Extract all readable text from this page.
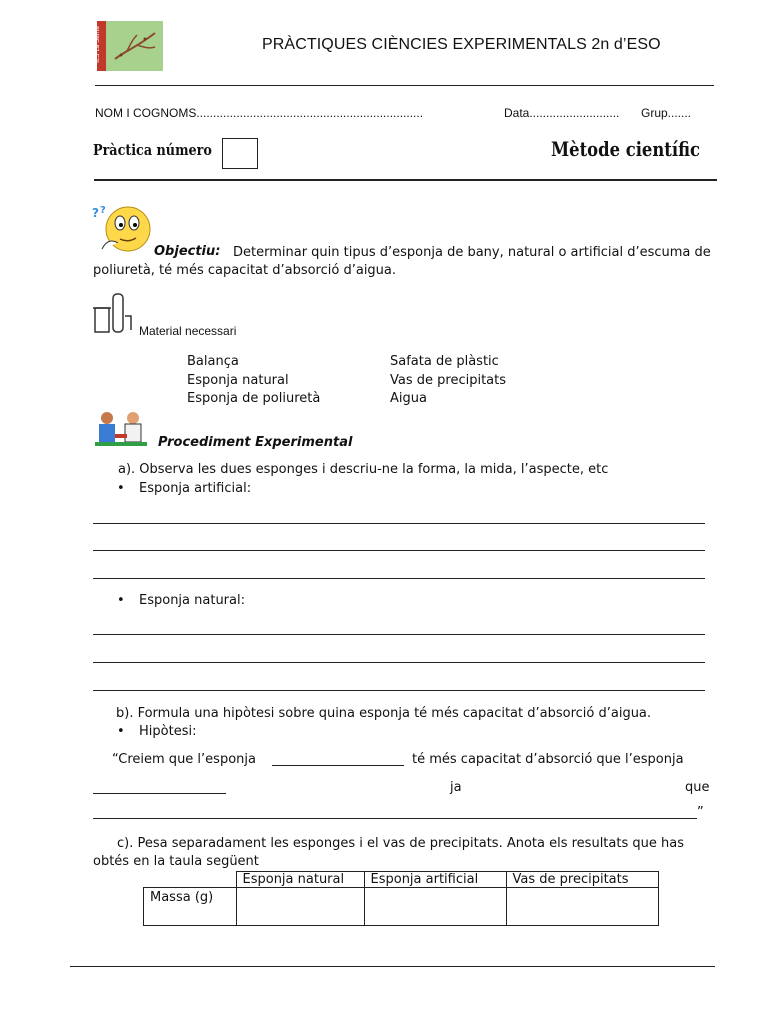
IES La Sénia	PRÀCTIQUES CIÈNCIES EXPERIMENTALS 2n d’ESO
NOM I COGNOMS....................................................................	Data........................... Grup.......
Pràctica número	Mètode científic
? ?
Objectiu: Determinar quin tipus d’esponja de bany, natural o artificial d’escuma de
poliuretà, té més capacitat d’absorció d’aigua.
Material necessari
Balança
Esponja natural
Esponja de poliuretà
Safata de plàstic
Vas de precipitats
Aigua
Procediment Experimental
a). Observa les dues esponges i descriu-ne la forma, la mida, l’aspecte, etc
• Esponja artificial:
• Esponja natural:
b). Formula una hipòtesi sobre quina esponja té més capacitat d’absorció d’aigua.
• Hipòtesi:
“Creiem que l’esponja	té més capacitat d’absorció que l’esponja
ja	que
”
c). Pesa separadament les esponges i el vas de precipitats. Anota els resultats que has
obtés en la taula següent
	Esponja natural	Esponja artificial	Vas de precipitats
Massa (g)			
